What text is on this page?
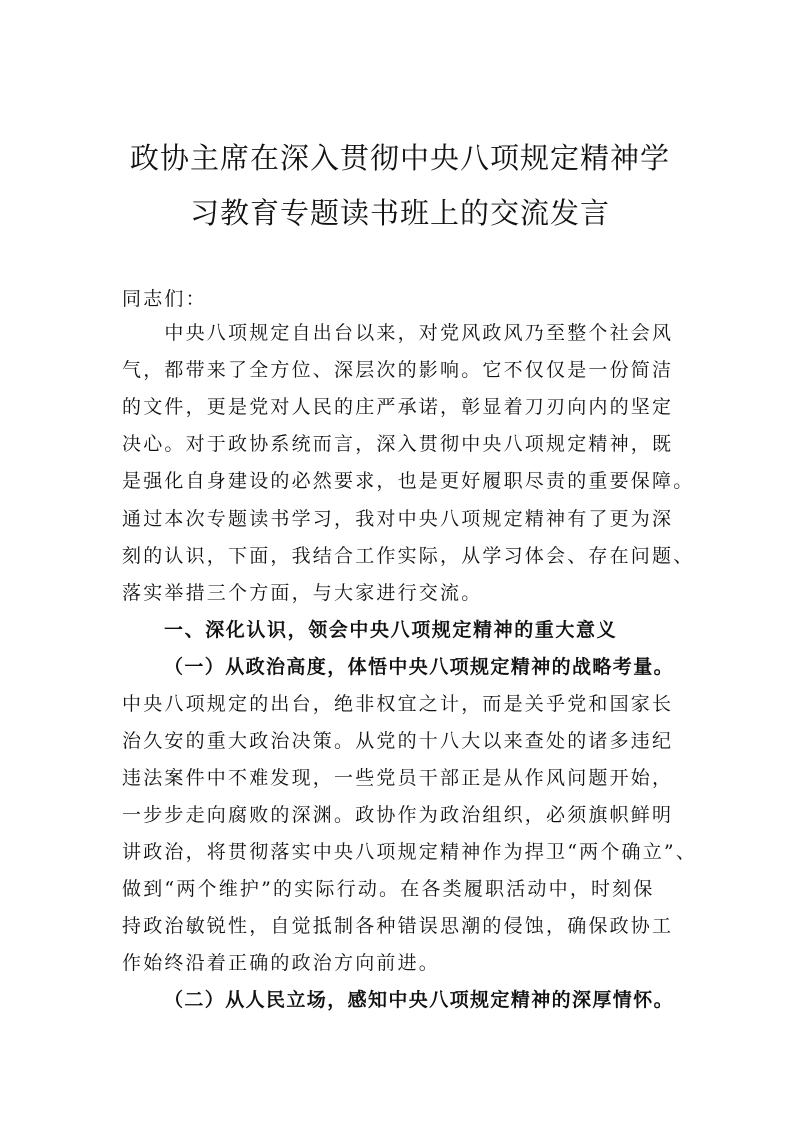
政协主席在深入贯彻中央八项规定精神学
习教育专题读书班上的交流发言
同志们：
　　中央八项规定自出台以来，对党风政风乃至整个社会风
气，都带来了全方位、深层次的影响。它不仅仅是一份简洁
的文件，更是党对人民的庄严承诺，彰显着刀刃向内的坚定
决心。对于政协系统而言，深入贯彻中央八项规定精神，既
是强化自身建设的必然要求，也是更好履职尽责的重要保障。
通过本次专题读书学习，我对中央八项规定精神有了更为深
刻的认识，下面，我结合工作实际，从学习体会、存在问题、
落实举措三个方面，与大家进行交流。
一、深化认识，领会中央八项规定精神的重大意义
（一）从政治高度，体悟中央八项规定精神的战略考量。
中央八项规定的出台，绝非权宜之计，而是关乎党和国家长
治久安的重大政治决策。从党的十八大以来查处的诸多违纪
违法案件中不难发现，一些党员干部正是从作风问题开始，
一步步走向腐败的深渊。政协作为政治组织，必须旗帜鲜明
讲政治，将贯彻落实中央八项规定精神作为捍卫“两个确立”、
做到“两个维护”的实际行动。在各类履职活动中，时刻保
持政治敏锐性，自觉抵制各种错误思潮的侵蚀，确保政协工
作始终沿着正确的政治方向前进。
（二）从人民立场，感知中央八项规定精神的深厚情怀。
